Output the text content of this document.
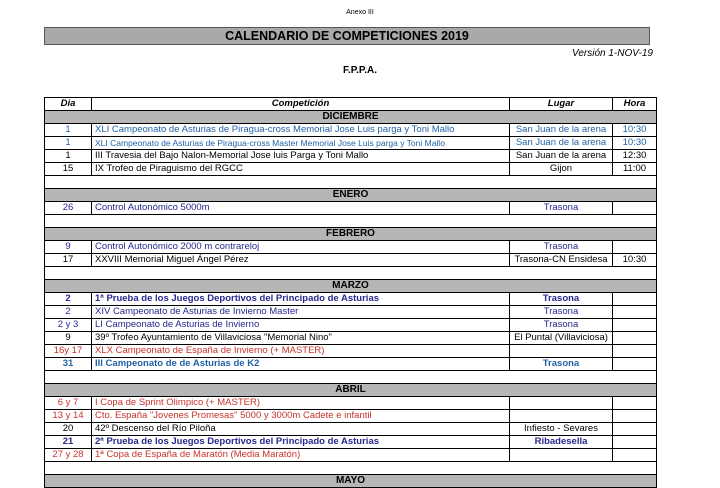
Anexo III
CALENDARIO DE COMPETICIONES 2019
Versión 1-NOV-19
F.P.P.A.
Dia	Competición	Lugar	Hora
DICIEMBRE			
1	XLI Campeonato de Asturias de Piragua-cross Memorial Jose Luis parga y Toni Mallo	San Juan de la arena	10:30
1	XLI Campeonato de Asturias de Piragua-cross Master Memorial Jose Luis parga y Toni Mallo	San Juan de la arena	10:30
1	III Travesia del Bajo Nalon-Memorial Jose luis Parga y Toni Mallo	San Juan de la arena	12:30
15	IX Trofeo de Piraguismo del RGCC	Gijon	11:00

ENERO			
26	Control Autonómico 5000m	Trasona	

FEBRERO			
9	Control Autonómico 2000 m contrareloj	Trasona	
17	XXVIII Memorial Miguel Ángel Pérez	Trasona-CN Ensidesa	10:30

MARZO			
2	1ª Prueba de los Juegos Deportivos del Principado de Asturias	Trasona	
2	XIV Campeonato de Asturias de Invierno Master	Trasona	
2 y 3	LI Campeonato de Asturias de Invierno	Trasona	
9	39º Trofeo Ayuntamiento de Villaviciosa "Memorial Nino"	El Puntal (Villaviciosa)	
16y 17	XLX Campeonato de España de Invierno (+ MASTER)		
31	III Campeonato de de Asturias de K2	Trasona	

ABRIL			
6 y 7	I Copa de Sprint Olimpico (+ MASTER)		
13 y 14	Cto. España "Jovenes Promesas" 5000 y 3000m Cadete e infantil		
20	42º Descenso del Río Piloña	Infiesto - Sevares	
21	2ª Prueba de los Juegos Deportivos del Principado de Asturias	Ribadesella	
27 y 28	1ª Copa de España de Maratón (Media Maratón)		

MAYO			
